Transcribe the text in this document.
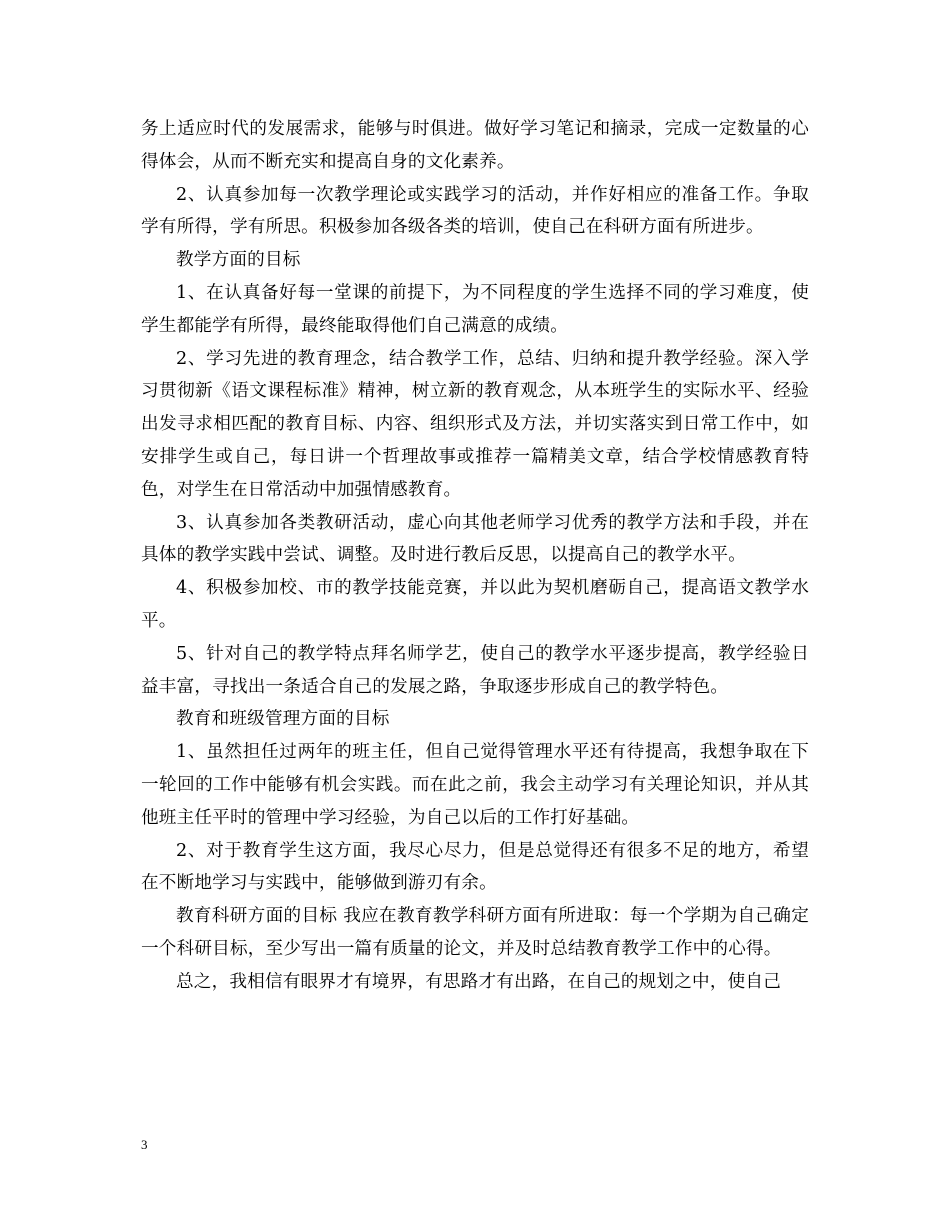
务上适应时代的发展需求，能够与时俱进。做好学习笔记和摘录，完成一定数量的心得体会，从而不断充实和提高自身的文化素养。

2、认真参加每一次教学理论或实践学习的活动，并作好相应的准备工作。争取学有所得，学有所思。积极参加各级各类的培训，使自己在科研方面有所进步。

教学方面的目标

1、在认真备好每一堂课的前提下，为不同程度的学生选择不同的学习难度，使学生都能学有所得，最终能取得他们自己满意的成绩。

2、学习先进的教育理念，结合教学工作，总结、归纳和提升教学经验。深入学习贯彻新《语文课程标准》精神，树立新的教育观念，从本班学生的实际水平、经验出发寻求相匹配的教育目标、内容、组织形式及方法，并切实落实到日常工作中，如安排学生或自己，每日讲一个哲理故事或推荐一篇精美文章，结合学校情感教育特色，对学生在日常活动中加强情感教育。

3、认真参加各类教研活动，虚心向其他老师学习优秀的教学方法和手段，并在具体的教学实践中尝试、调整。及时进行教后反思，以提高自己的教学水平。

4、积极参加校、市的教学技能竞赛，并以此为契机磨砺自己，提高语文教学水平。

5、针对自己的教学特点拜名师学艺，使自己的教学水平逐步提高，教学经验日益丰富，寻找出一条适合自己的发展之路，争取逐步形成自己的教学特色。

教育和班级管理方面的目标

1、虽然担任过两年的班主任，但自己觉得管理水平还有待提高，我想争取在下一轮回的工作中能够有机会实践。而在此之前，我会主动学习有关理论知识，并从其他班主任平时的管理中学习经验，为自己以后的工作打好基础。

2、对于教育学生这方面，我尽心尽力，但是总觉得还有很多不足的地方，希望在不断地学习与实践中，能够做到游刃有余。

教育科研方面的目标 我应在教育教学科研方面有所进取：每一个学期为自己确定一个科研目标，至少写出一篇有质量的论文，并及时总结教育教学工作中的心得。

总之，我相信有眼界才有境界，有思路才有出路，在自己的规划之中，使自己

3
